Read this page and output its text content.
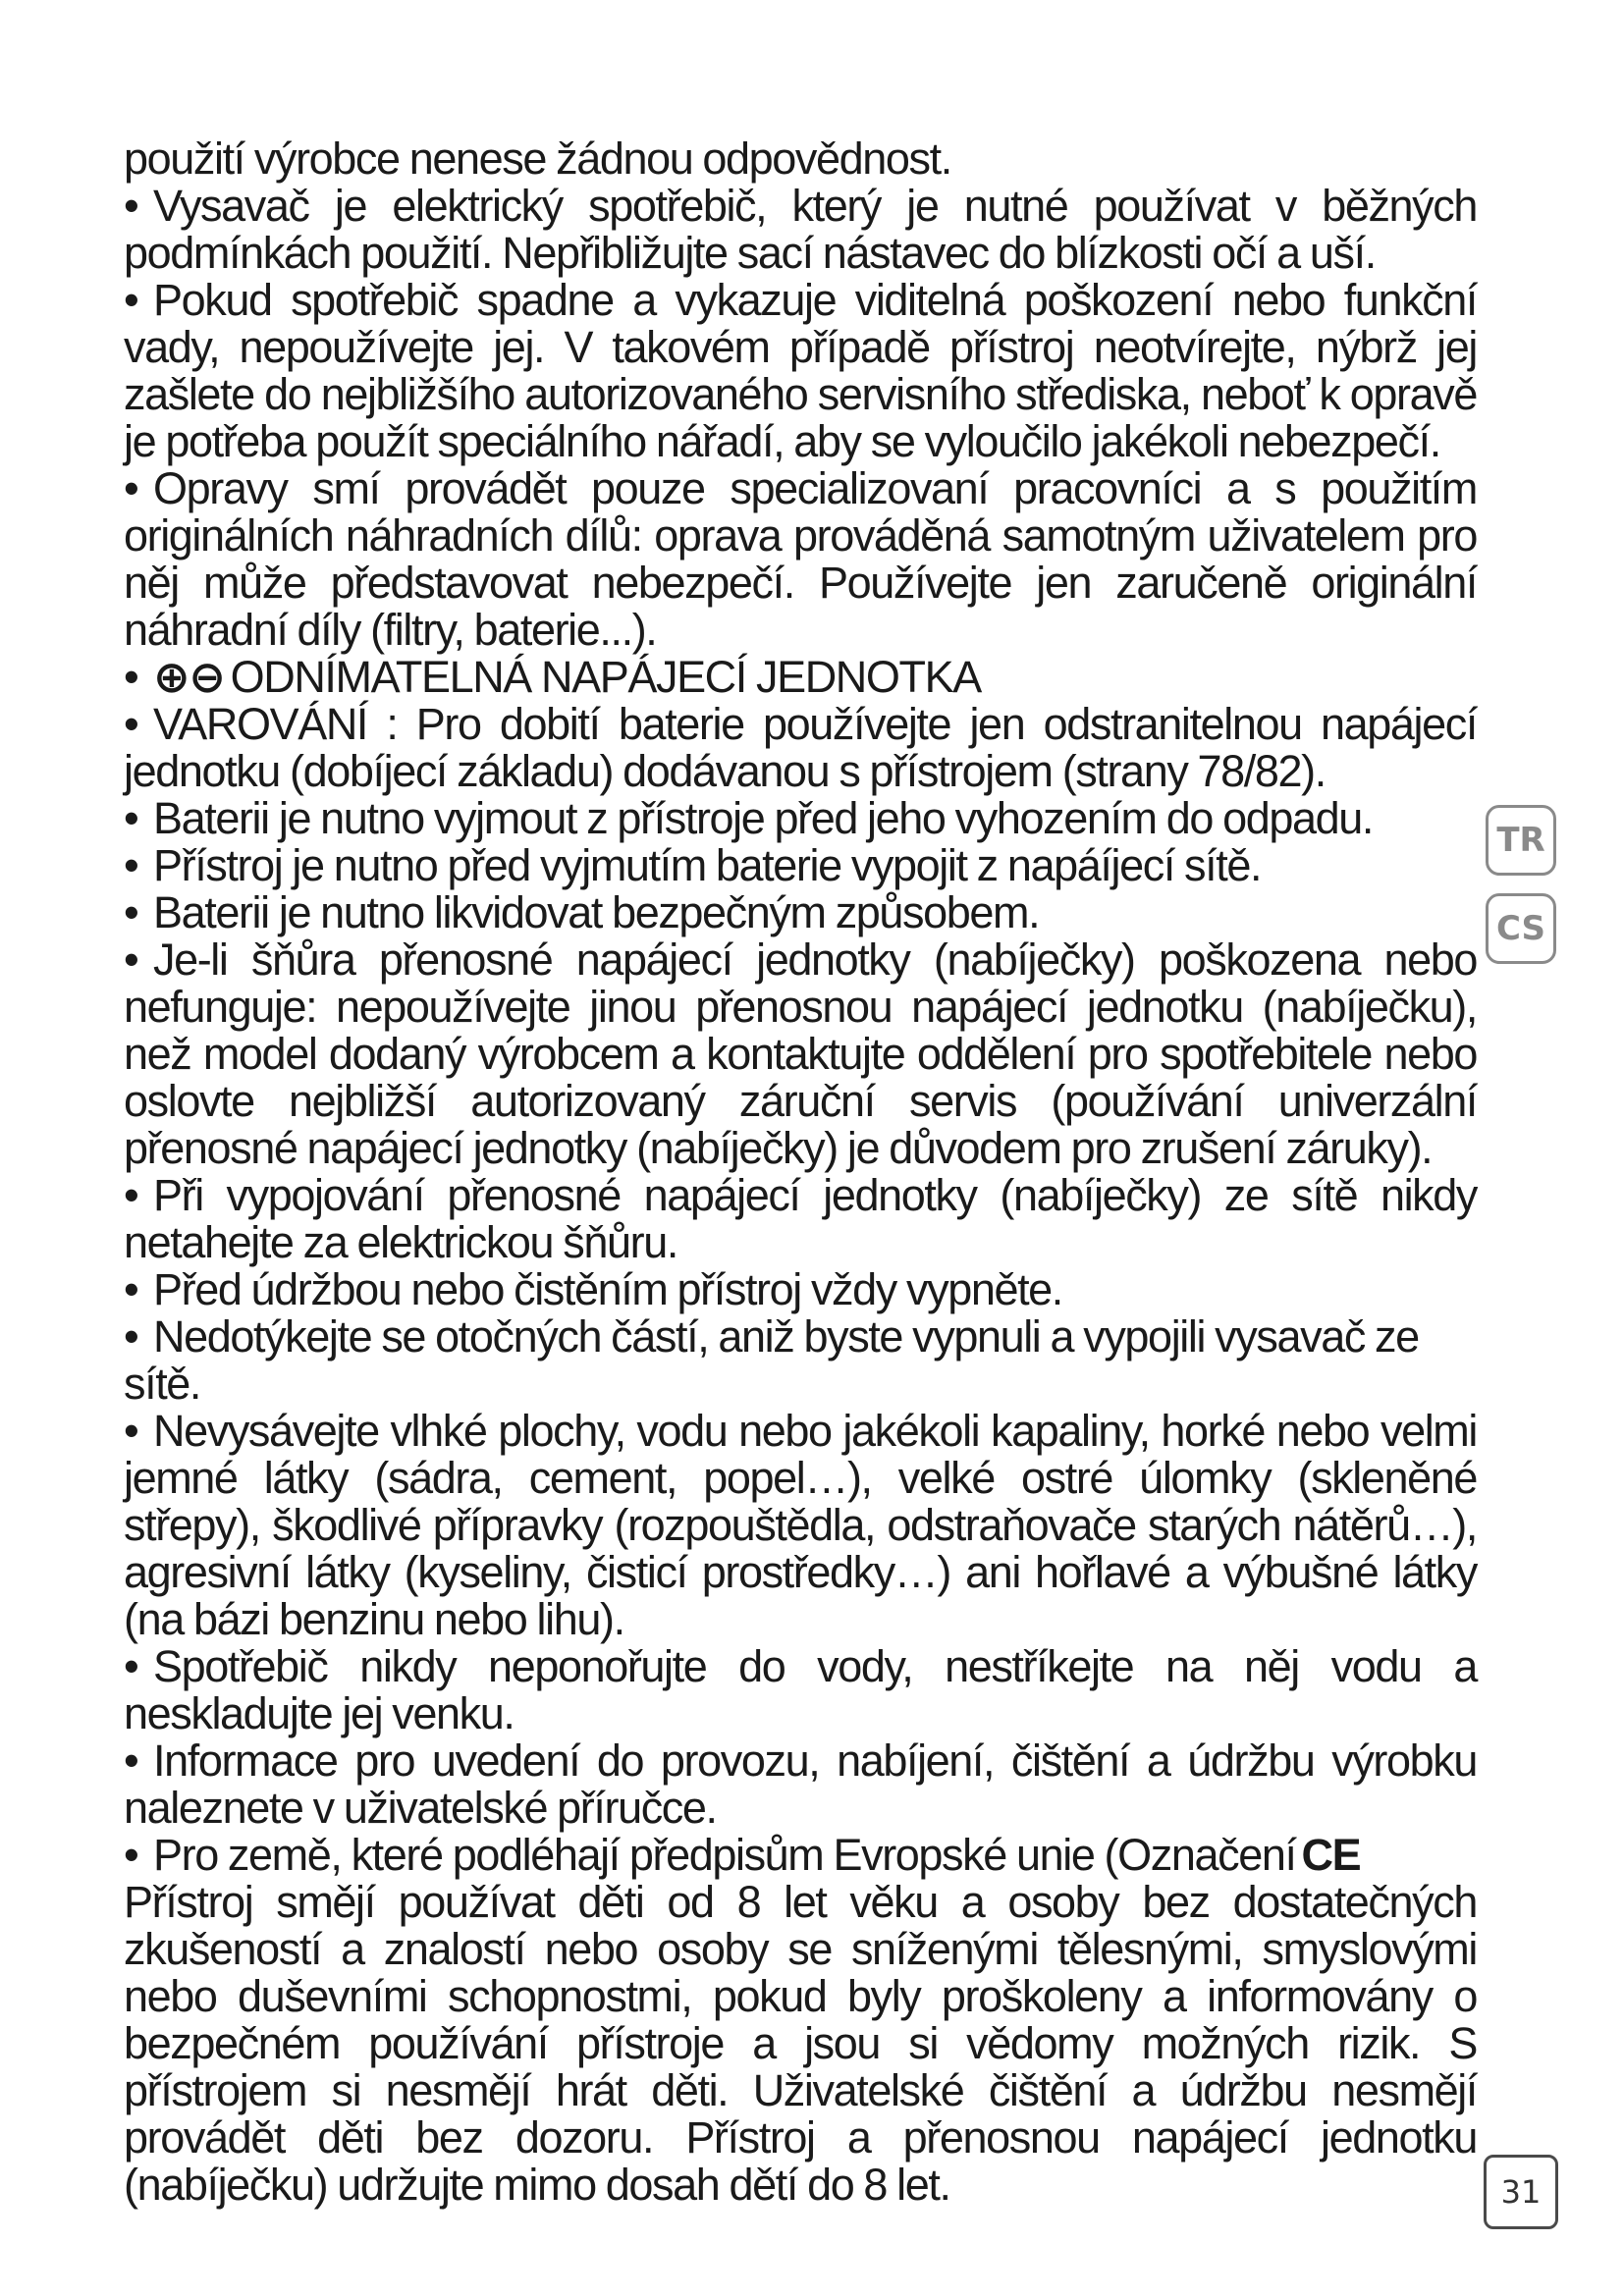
použití výrobce nenese žádnou odpovědnost.

• Vysavač je elektrický spotřebič, který je nutné používat v běžných podmínkách použití. Nepřibližujte sací nástavec do blízkosti očí a uší.

• Pokud spotřebič spadne a vykazuje viditelná poškození nebo funkční vady, nepoužívejte jej. V takovém případě přístroj neotvírejte, nýbrž jej zašlete do nejbližšího autorizovaného servisního střediska, neboť k opravě je potřeba použít speciálního nářadí, aby se vyloučilo jakékoli nebezpečí.

• Opravy smí provádět pouze specializovaní pracovníci a s použitím originálních náhradních dílů: oprava prováděná samotným uživatelem pro něj může představovat nebezpečí. Používejte jen zaručeně originální náhradní díly (filtry, baterie...).

• ⊕⊖ ODNÍMATELNÁ NAPÁJECÍ JEDNOTKA

• VAROVÁNÍ : Pro dobití baterie používejte jen odstranitelnou napájecí jednotku (dobíjecí základu) dodávanou s přístrojem (strany 78/82).

• Baterii je nutno vyjmout z přístroje před jeho vyhozením do odpadu.

• Přístroj je nutno před vyjmutím baterie vypojit z napáíjecí sítě.

• Baterii je nutno likvidovat bezpečným způsobem.

• Je-li šňůra přenosné napájecí jednotky (nabíječky) poškozena nebo nefunguje: nepoužívejte jinou přenosnou napájecí jednotku (nabíječku), než model dodaný výrobcem a kontaktujte oddělení pro spotřebitele nebo oslovte nejbližší autorizovaný záruční servis (používání univerzální přenosné napájecí jednotky (nabíječky) je důvodem pro zrušení záruky).

• Při vypojování přenosné napájecí jednotky (nabíječky) ze sítě nikdy netahejte za elektrickou šňůru.

• Před údržbou nebo čistěním přístroj vždy vypněte.

• Nedotýkejte se otočných částí, aniž byste vypnuli a vypojili vysavač ze sítě.

• Nevysávejte vlhké plochy, vodu nebo jakékoli kapaliny, horké nebo velmi jemné látky (sádra, cement, popel…), velké ostré úlomky (skleněné střepy), škodlivé přípravky (rozpouštědla, odstraňovače starých nátěrů…), agresivní látky (kyseliny, čisticí prostředky…) ani hořlavé a výbušné látky (na bázi benzinu nebo lihu).

• Spotřebič nikdy neponořujte do vody, nestříkejte na něj vodu a neskladujte jej venku.

• Informace pro uvedení do provozu, nabíjení, čištění a údržbu výrobku naleznete v uživatelské příručce.

• Pro země, které podléhají předpisům Evropské unie (Označení CE

Přístroj smějí používat děti od 8 let věku a osoby bez dostatečných zkušeností a znalostí nebo osoby se sníženými tělesnými, smyslovými nebo duševními schopnostmi, pokud byly proškoleny a informovány o bezpečném používání přístroje a jsou si vědomy možných rizik. S přístrojem si nesmějí hrát děti. Uživatelské čištění a údržbu nesmějí provádět děti bez dozoru. Přístroj a přenosnou napájecí jednotku (nabíječku) udržujte mimo dosah dětí do 8 let.

TR
CS
31
